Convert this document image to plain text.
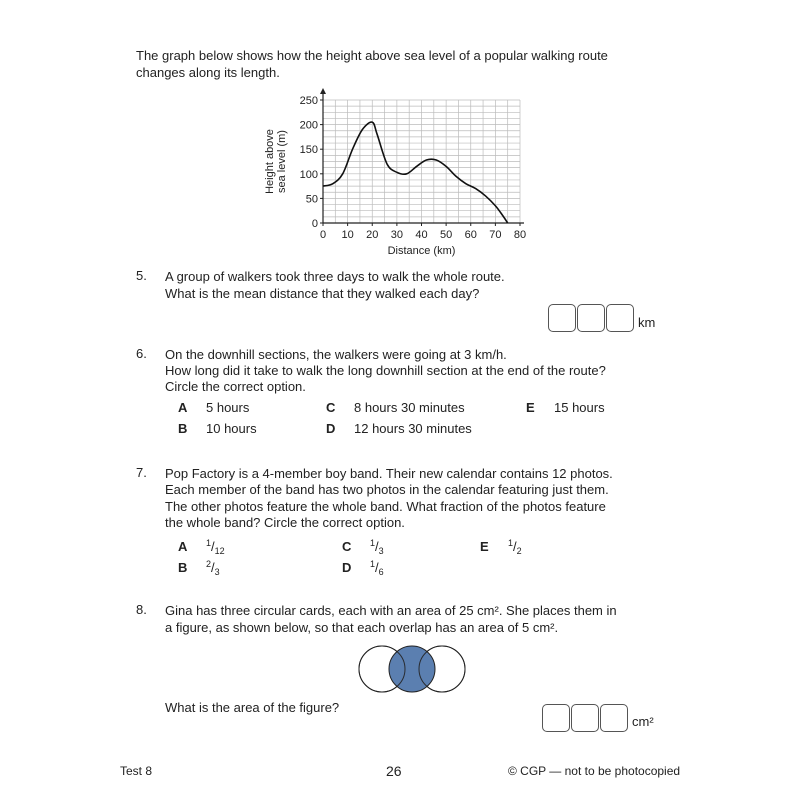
The graph below shows how the height above sea level of a popular walking route
changes along its length.
0 10 20 30 40 50 60 70 80
0
50
100
150
200
250
Distance (km)
Height above sea level (m)
5. A group of walkers took three days to walk the whole route.
What is the mean distance that they walked each day?
km
6. On the downhill sections, the walkers were going at 3 km/h.
How long did it take to walk the long downhill section at the end of the route?
Circle the correct option.
A 5 hours
B 10 hours
C 8 hours 30 minutes
D 12 hours 30 minutes
E 15 hours
7. Pop Factory is a 4-member boy band. Their new calendar contains 12 photos.
Each member of the band has two photos in the calendar featuring just them.
The other photos feature the whole band. What fraction of the photos feature
the whole band? Circle the correct option.
A $^1/_{12}$
B $^2/_3$
C $^1/_3$
D $^1/_6$
E $^1/_2$
8. Gina has three circular cards, each with an area of 25 cm². She places them in
a figure, as shown below, so that each overlap has an area of 5 cm².
What is the area of the figure?
cm²
Test 8	26	© CGP — not to be photocopied
